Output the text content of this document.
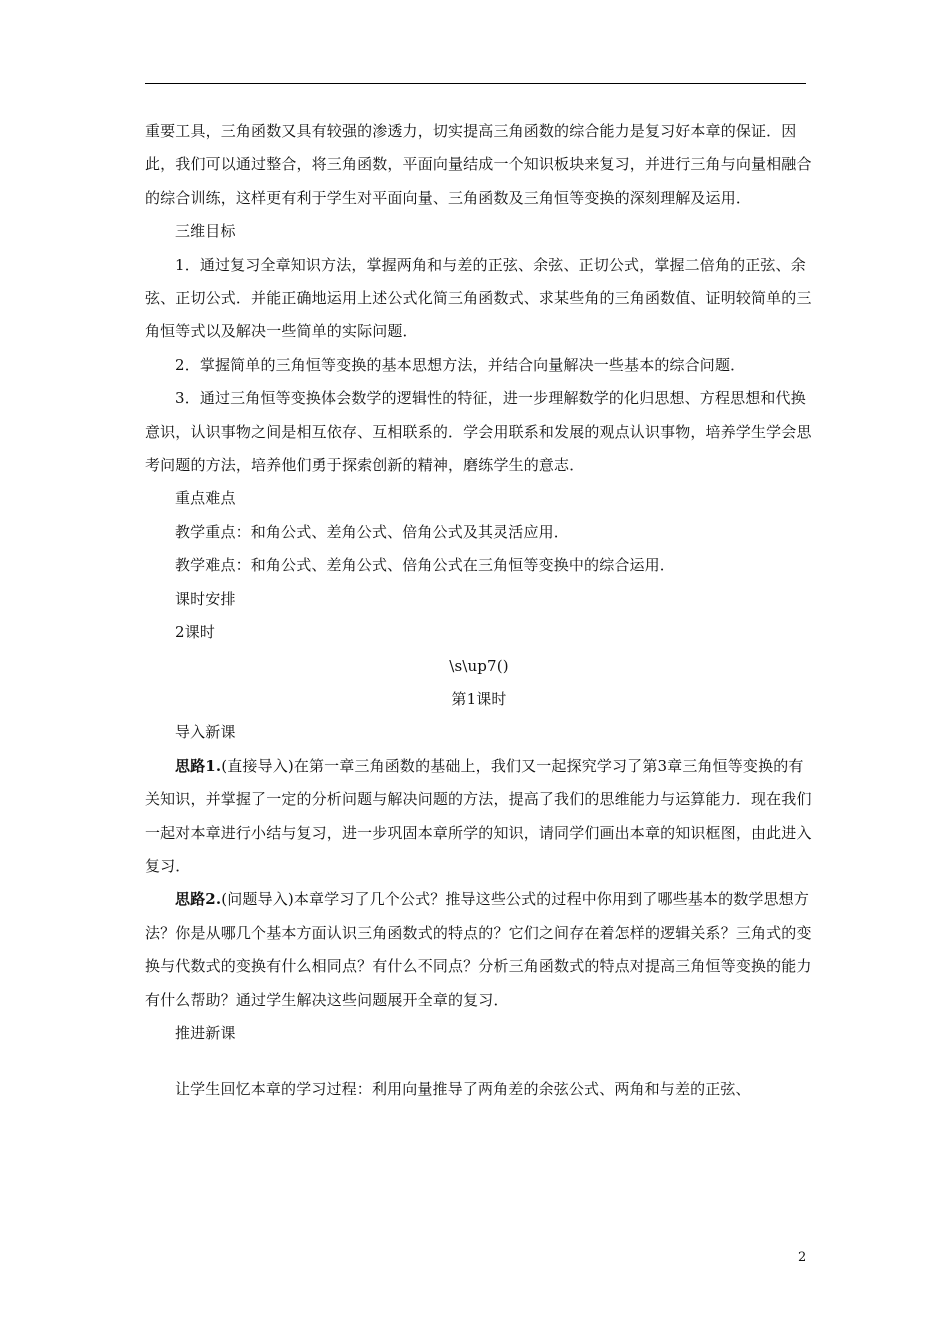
重要工具，三角函数又具有较强的渗透力，切实提高三角函数的综合能力是复习好本章的保证．因此，我们可以通过整合，将三角函数，平面向量结成一个知识板块来复习，并进行三角与向量相融合的综合训练，这样更有利于学生对平面向量、三角函数及三角恒等变换的深刻理解及运用．

三维目标

1．通过复习全章知识方法，掌握两角和与差的正弦、余弦、正切公式，掌握二倍角的正弦、余弦、正切公式．并能正确地运用上述公式化简三角函数式、求某些角的三角函数值、证明较简单的三角恒等式以及解决一些简单的实际问题．

2．掌握简单的三角恒等变换的基本思想方法，并结合向量解决一些基本的综合问题．

3．通过三角恒等变换体会数学的逻辑性的特征，进一步理解数学的化归思想、方程思想和代换意识，认识事物之间是相互依存、互相联系的．学会用联系和发展的观点认识事物，培养学生学会思考问题的方法，培养他们勇于探索创新的精神，磨练学生的意志．

重点难点

教学重点：和角公式、差角公式、倍角公式及其灵活应用．

教学难点：和角公式、差角公式、倍角公式在三角恒等变换中的综合运用．

课时安排

2课时

\s\up7()

第1课时

导入新课

思路1.(直接导入)在第一章三角函数的基础上，我们又一起探究学习了第3章三角恒等变换的有关知识，并掌握了一定的分析问题与解决问题的方法，提高了我们的思维能力与运算能力．现在我们一起对本章进行小结与复习，进一步巩固本章所学的知识，请同学们画出本章的知识框图，由此进入复习．

思路2.(问题导入)本章学习了几个公式？推导这些公式的过程中你用到了哪些基本的数学思想方法？你是从哪几个基本方面认识三角函数式的特点的？它们之间存在着怎样的逻辑关系？三角式的变换与代数式的变换有什么相同点？有什么不同点？分析三角函数式的特点对提高三角恒等变换的能力有什么帮助？通过学生解决这些问题展开全章的复习．

推进新课

让学生回忆本章的学习过程：利用向量推导了两角差的余弦公式、两角和与差的正弦、

2
